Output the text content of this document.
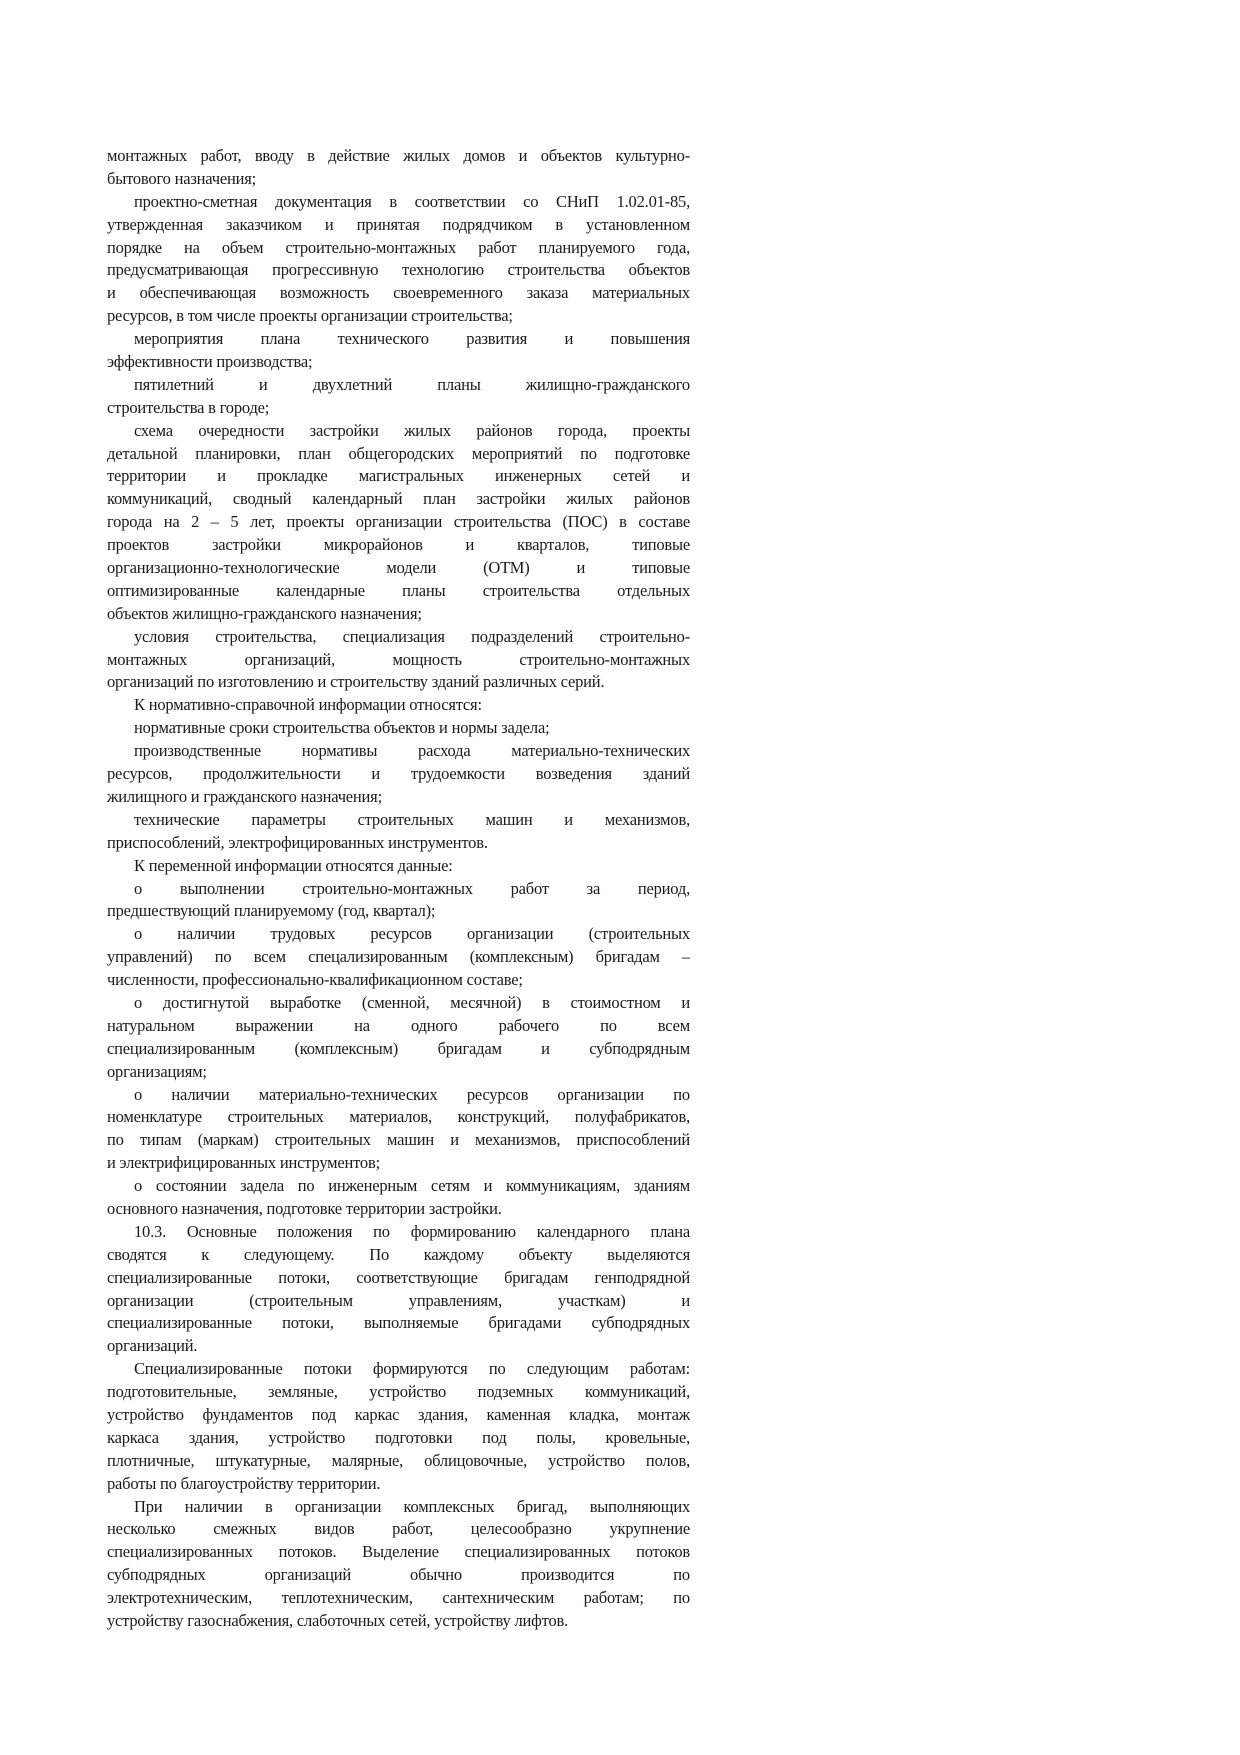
монтажных работ, вводу в действие жилых домов и объектов культурно-
бытового назначения;
проектно-сметная документация в соответствии со СНиП 1.02.01-85,
утвержденная заказчиком и принятая подрядчиком в установленном
порядке на объем строительно-монтажных работ планируемого года,
предусматривающая прогрессивную технологию строительства объектов
и обеспечивающая возможность своевременного заказа материальных
ресурсов, в том числе проекты организации строительства;
мероприятия плана технического развития и повышения
эффективности производства;
пятилетний и двухлетний планы жилищно-гражданского
строительства в городе;
схема очередности застройки жилых районов города, проекты
детальной планировки, план общегородских мероприятий по подготовке
территории и прокладке магистральных инженерных сетей и
коммуникаций, сводный календарный план застройки жилых районов
города на 2 – 5 лет, проекты организации строительства (ПОС) в составе
проектов застройки микрорайонов и кварталов, типовые
организационно-технологические модели (ОТМ) и типовые
оптимизированные календарные планы строительства отдельных
объектов жилищно-гражданского назначения;
условия строительства, специализация подразделений строительно-
монтажных организаций, мощность строительно-монтажных
организаций по изготовлению и строительству зданий различных серий.
К нормативно-справочной информации относятся:
нормативные сроки строительства объектов и нормы задела;
производственные нормативы расхода материально-технических
ресурсов, продолжительности и трудоемкости возведения зданий
жилищного и гражданского назначения;
технические параметры строительных машин и механизмов,
приспособлений, электрофицированных инструментов.
К переменной информации относятся данные:
о выполнении строительно-монтажных работ за период,
предшествующий планируемому (год, квартал);
о наличии трудовых ресурсов организации (строительных
управлений) по всем спецализированным (комплексным) бригадам –
численности, профессионально-квалификационном составе;
о достигнутой выработке (сменной, месячной) в стоимостном и
натуральном выражении на одного рабочего по всем
специализированным (комплексным) бригадам и субподрядным
организациям;
о наличии материально-технических ресурсов организации по
номенклатуре строительных материалов, конструкций, полуфабрикатов,
по типам (маркам) строительных машин и механизмов, приспособлений
и электрифицированных инструментов;
о состоянии задела по инженерным сетям и коммуникациям, зданиям
основного назначения, подготовке территории застройки.
10.3. Основные положения по формированию календарного плана
сводятся к следующему. По каждому объекту выделяются
специализированные потоки, соответствующие бригадам генподрядной
организации (строительным управлениям, участкам) и
специализированные потоки, выполняемые бригадами субподрядных
организаций.
Специализированные потоки формируются по следующим работам:
подготовительные, земляные, устройство подземных коммуникаций,
устройство фундаментов под каркас здания, каменная кладка, монтаж
каркаса здания, устройство подготовки под полы, кровельные,
плотничные, штукатурные, малярные, облицовочные, устройство полов,
работы по благоустройству территории.
При наличии в организации комплексных бригад, выполняющих
несколько смежных видов работ, целесообразно укрупнение
специализированных потоков. Выделение специализированных потоков
субподрядных организаций обычно производится по
электротехническим, теплотехническим, сантехническим работам; по
устройству газоснабжения, слаботочных сетей, устройству лифтов.
